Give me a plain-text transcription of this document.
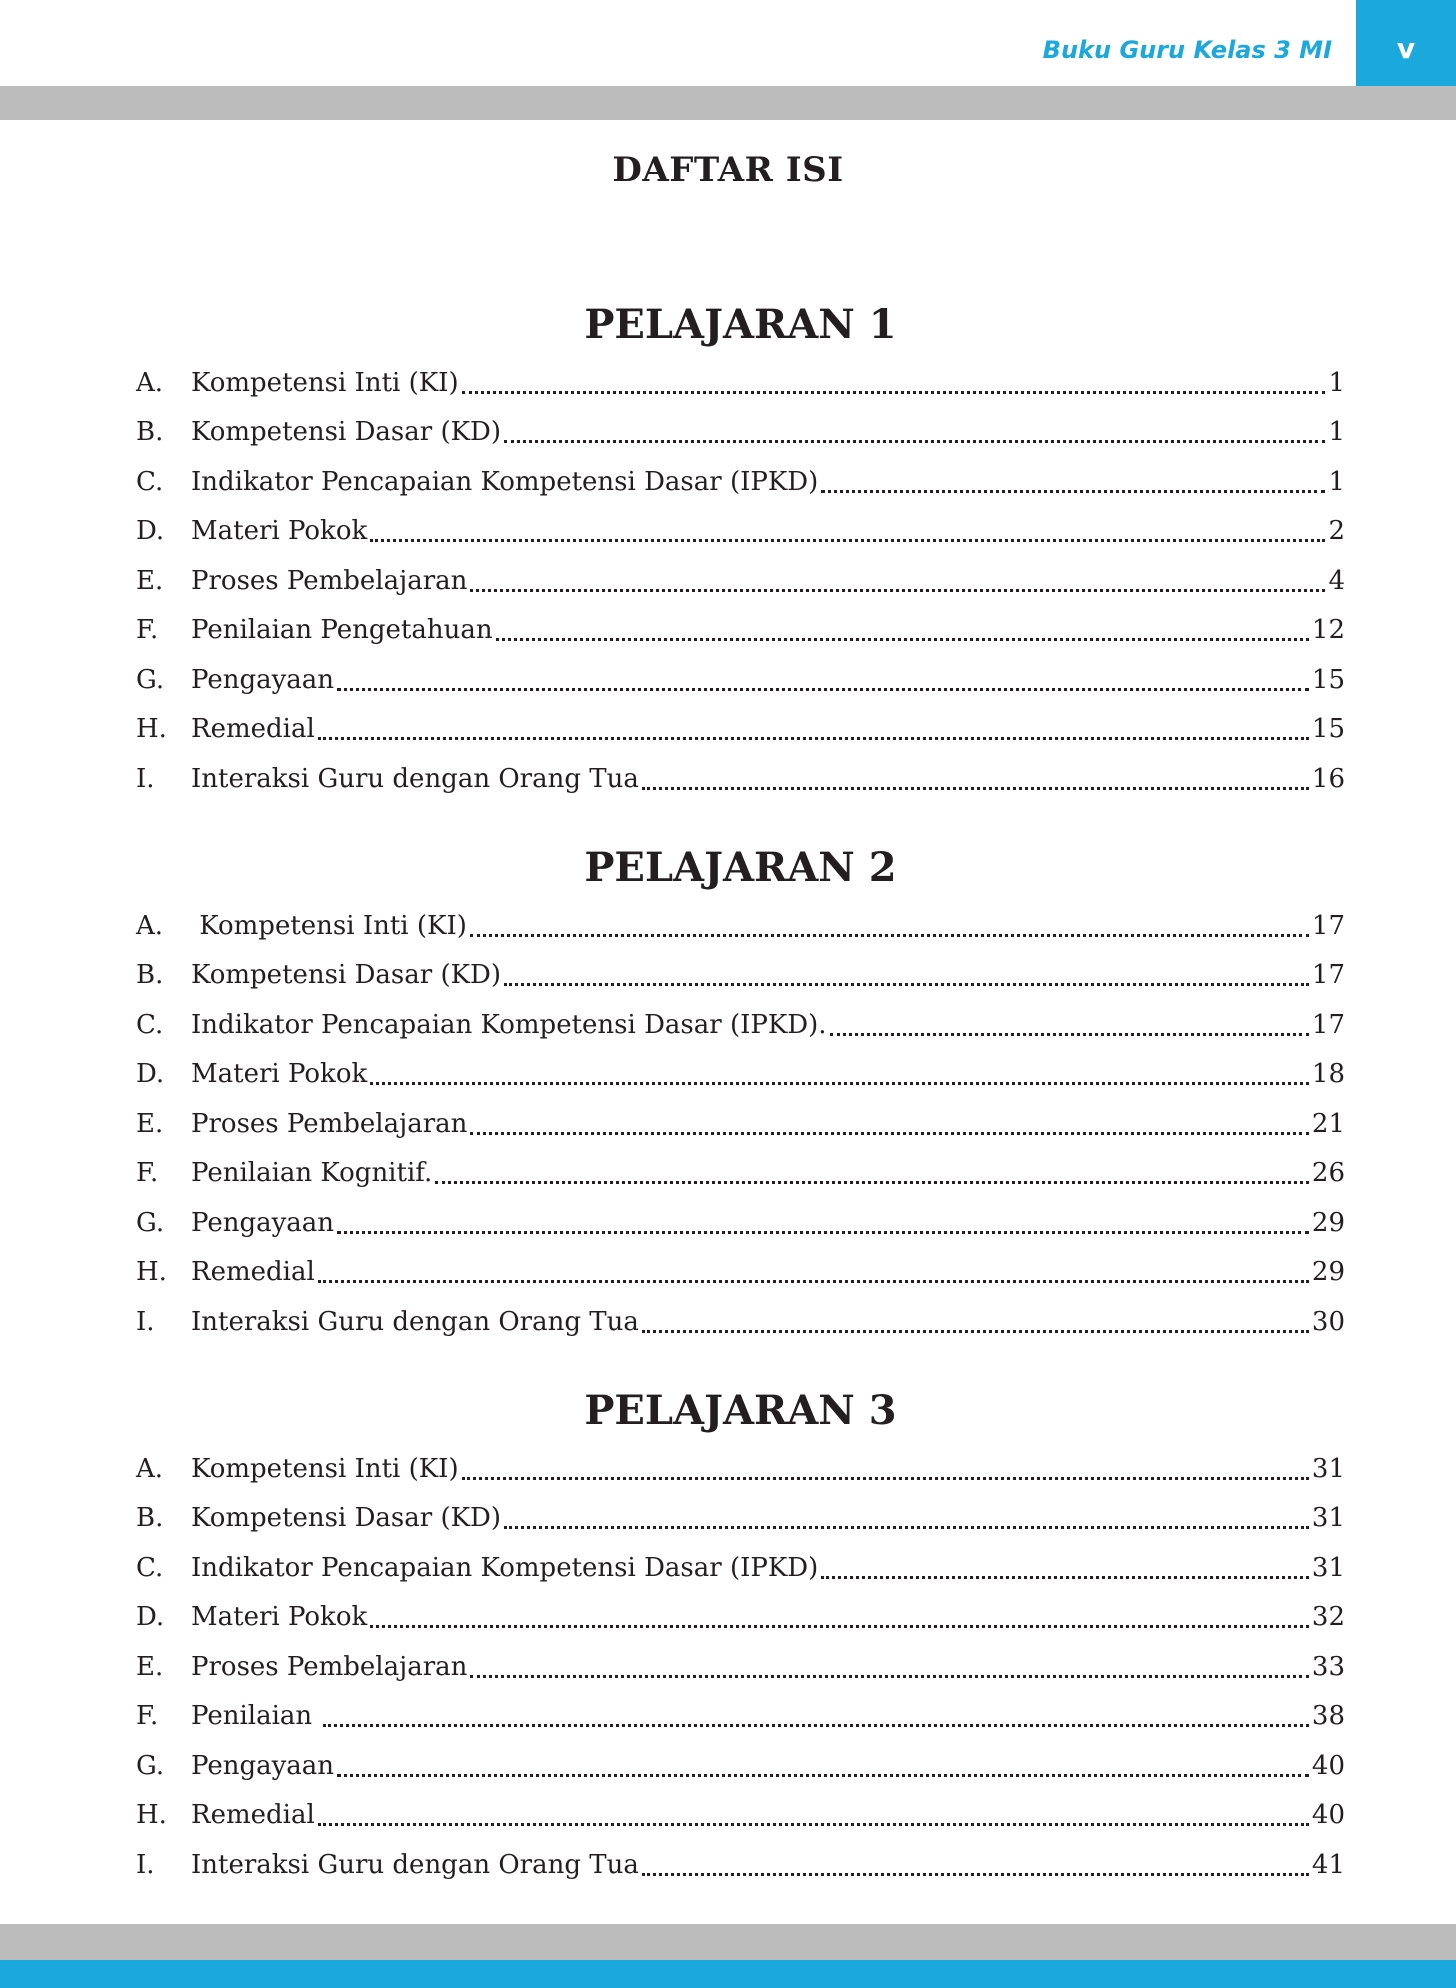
Buku Guru Kelas 3 MI	v
DAFTAR ISI
PELAJARAN 1
A.	Kompetensi Inti (KI)	1
B.	Kompetensi Dasar (KD)	1
C.	Indikator Pencapaian Kompetensi Dasar (IPKD)	1
D.	Materi Pokok	2
E.	Proses Pembelajaran	4
F.	Penilaian Pengetahuan	12
G.	Pengayaan	15
H. Remedial	15
I.	Interaksi Guru dengan Orang Tua	16
PELAJARAN 2
A.	Kompetensi Inti (KI)	17
B.	Kompetensi Dasar (KD)	17
C.	Indikator Pencapaian Kompetensi Dasar (IPKD).	17
D.	Materi Pokok	18
E.	Proses Pembelajaran	21
F.	Penilaian Kognitif.	26
G.	Pengayaan	29
H. Remedial	29
I.	Interaksi Guru dengan Orang Tua	30
PELAJARAN 3
A.	Kompetensi Inti (KI)	31
B.	Kompetensi Dasar (KD)	31
C.	Indikator Pencapaian Kompetensi Dasar (IPKD)	31
D.	Materi Pokok	32
E.	Proses Pembelajaran	33
F.	Penilaian	38
G.	Pengayaan	40
H. Remedial	40
I.	Interaksi Guru dengan Orang Tua	41
